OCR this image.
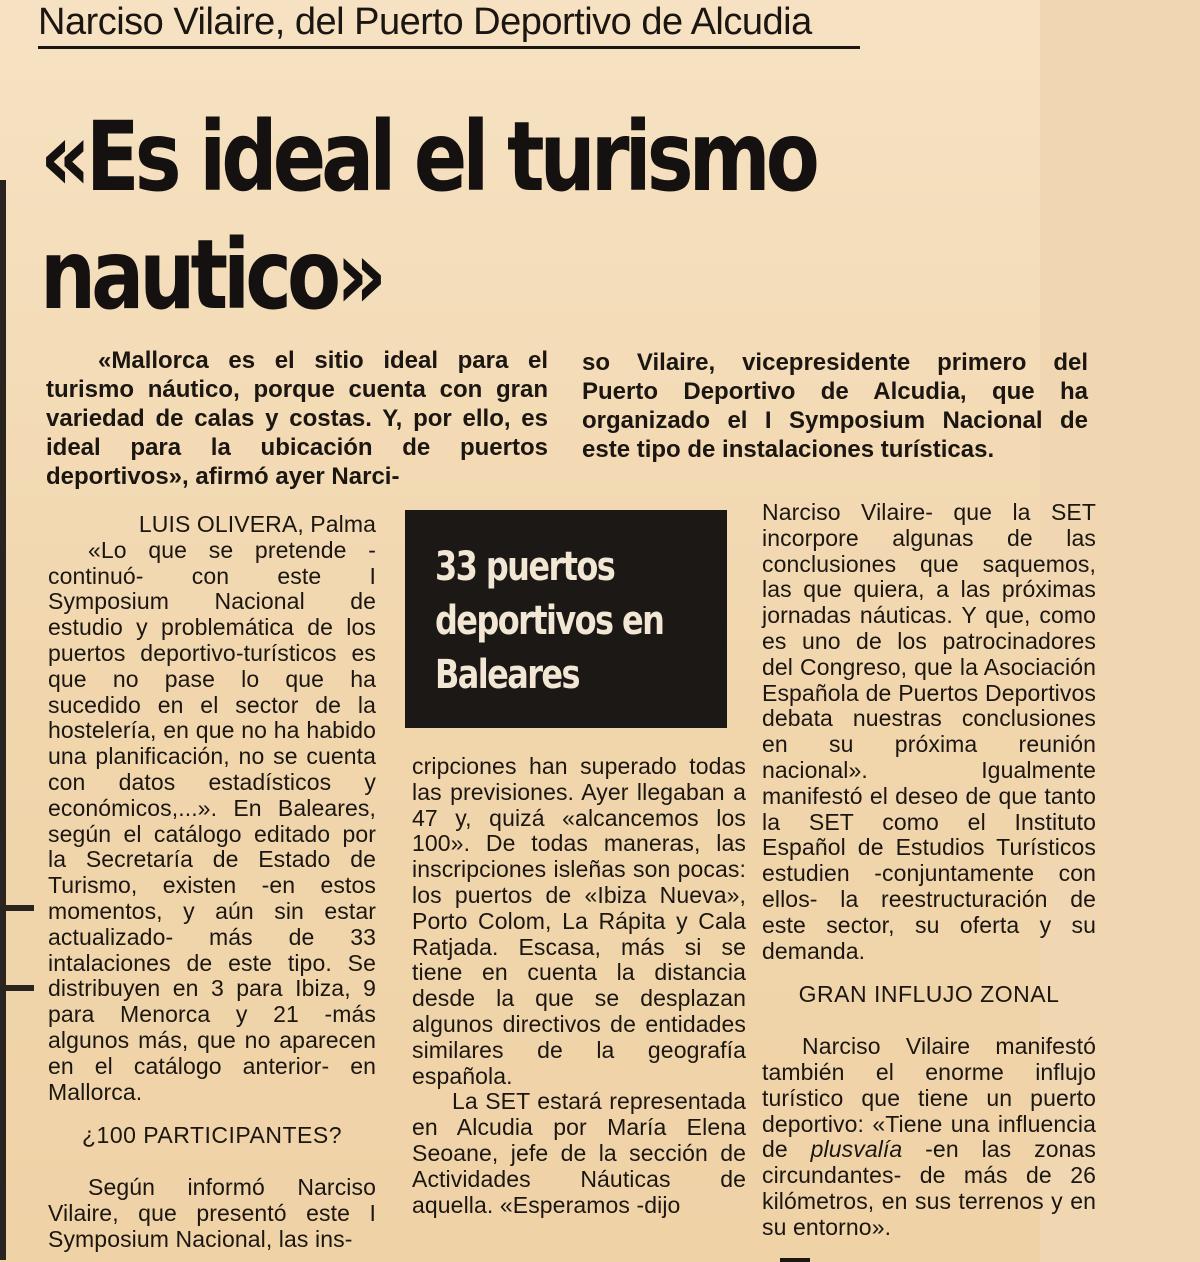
Narciso Vilaire, del Puerto Deportivo de Alcudia
«Es ideal el turismo
nautico»
«Mallorca es el sitio ideal para el turismo náutico, porque cuenta con gran variedad de calas y costas. Y, por ello, es ideal para la ubicación de puertos deportivos», afirmó ayer Narci-
so Vilaire, vicepresidente primero del Puerto Deportivo de Alcudia, que ha organizado el I Symposium Nacional de este tipo de instalaciones turísticas.

LUIS OLIVERA, Palma

«Lo que se pretende -continuó- con este I Symposium Nacional de estudio y problemática de los puertos deportivo-turísticos es que no pase lo que ha sucedido en el sector de la hostelería, en que no ha habido una planificación, no se cuenta con datos estadísticos y económicos,...». En Baleares, según el catálogo editado por la Secretaría de Estado de Turismo, existen -en estos momentos, y aún sin estar actualizado- más de 33 intalaciones de este tipo. Se distribuyen en 3 para Ibiza, 9 para Menorca y 21 -más algunos más, que no aparecen en el catálogo anterior- en Mallorca.

¿100 PARTICIPANTES?

Según informó Narciso Vilaire, que presentó este I Symposium Nacional, las ins-

33 puertos
deportivos en
Baleares

cripciones han superado todas las previsiones. Ayer llegaban a 47 y, quizá «alcancemos los 100». De todas maneras, las inscripciones isleñas son pocas: los puertos de «Ibiza Nueva», Porto Colom, La Rápita y Cala Ratjada. Escasa, más si se tiene en cuenta la distancia desde la que se desplazan algunos directivos de entidades similares de la geografía española.

La SET estará representada en Alcudia por María Elena Seoane, jefe de la sección de Actividades Náuticas de aquella. «Esperamos -dijo

Narciso Vilaire- que la SET incorpore algunas de las conclusiones que saquemos, las que quiera, a las próximas jornadas náuticas. Y que, como es uno de los patrocinadores del Congreso, que la Asociación Española de Puertos Deportivos debata nuestras conclusiones en su próxima reunión nacional». Igualmente manifestó el deseo de que tanto la SET como el Instituto Español de Estudios Turísticos estudien -conjuntamente con ellos- la reestructuración de este sector, su oferta y su demanda.

GRAN INFLUJO ZONAL

Narciso Vilaire manifestó también el enorme influjo turístico que tiene un puerto deportivo: «Tiene una influencia de plusvalía -en las zonas circundantes- de más de 26 kilómetros, en sus terrenos y en su entorno».
